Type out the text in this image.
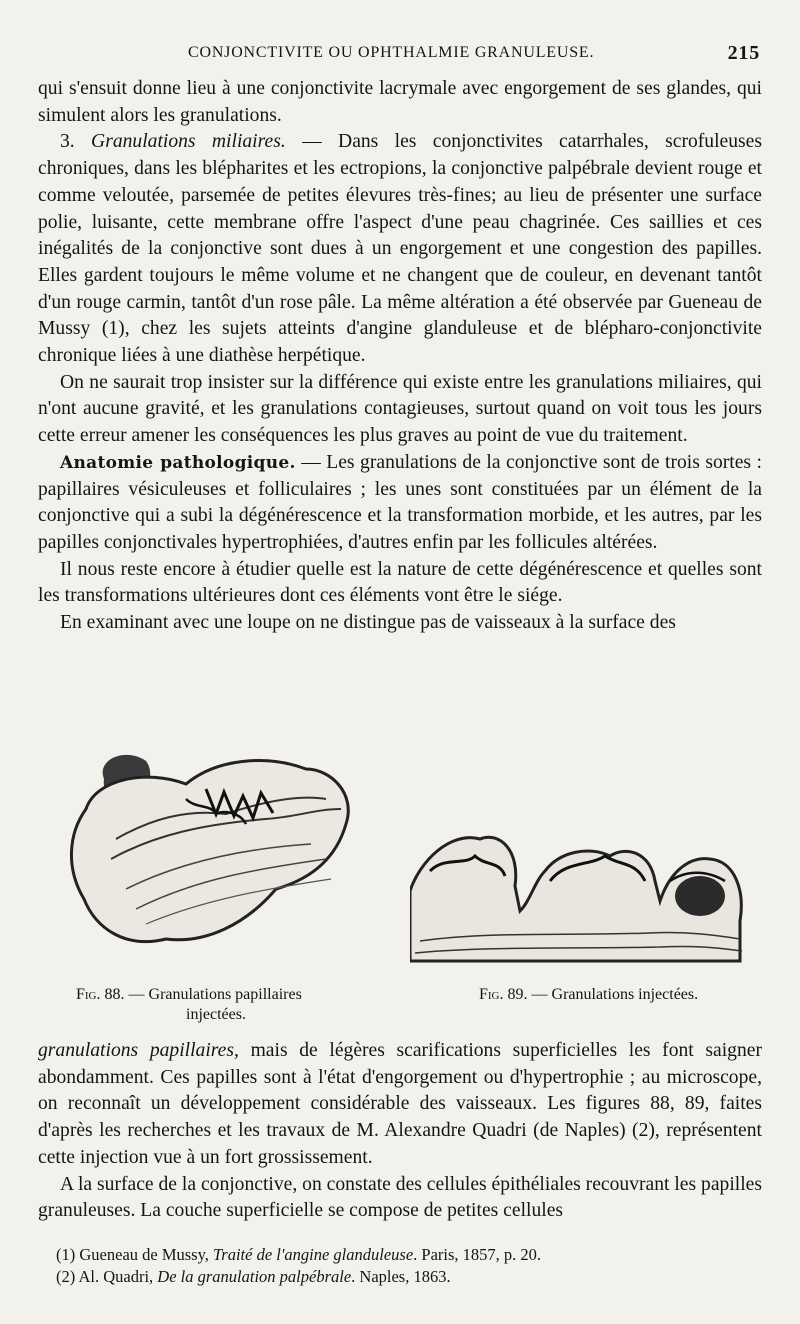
CONJONCTIVITE OU OPHTHALMIE GRANULEUSE.	215

qui s'ensuit donne lieu à une conjonctivite lacrymale avec engorgement de ses glandes, qui simulent alors les granulations.

3. Granulations miliaires. — Dans les conjonctivites catarrhales, scrofuleuses chroniques, dans les blépharites et les ectropions, la conjonctive palpébrale devient rouge et comme veloutée, parsemée de petites élevures très-fines; au lieu de présenter une surface polie, luisante, cette membrane offre l'aspect d'une peau chagrinée. Ces saillies et ces inégalités de la conjonctive sont dues à un engorgement et une congestion des papilles. Elles gardent toujours le même volume et ne changent que de couleur, en devenant tantôt d'un rouge carmin, tantôt d'un rose pâle. La même altération a été observée par Gueneau de Mussy (1), chez les sujets atteints d'angine glanduleuse et de blépharo-conjonctivite chronique liées à une diathèse herpétique.

On ne saurait trop insister sur la différence qui existe entre les granulations miliaires, qui n'ont aucune gravité, et les granulations contagieuses, surtout quand on voit tous les jours cette erreur amener les conséquences les plus graves au point de vue du traitement.

Anatomie pathologique. — Les granulations de la conjonctive sont de trois sortes : papillaires vésiculeuses et folliculaires ; les unes sont constituées par un élément de la conjonctive qui a subi la dégénérescence et la transformation morbide, et les autres, par les papilles conjonctivales hypertrophiées, d'autres enfin par les follicules altérées.

Il nous reste encore à étudier quelle est la nature de cette dégénérescence et quelles sont les transformations ultérieures dont ces éléments vont être le siége.

En examinant avec une loupe on ne distingue pas de vaisseaux à la surface des

Fig. 88. — Granulations papillaires
injectées.
Fig. 89. — Granulations injectées.

granulations papillaires, mais de légères scarifications superficielles les font saigner abondamment. Ces papilles sont à l'état d'engorgement ou d'hypertrophie ; au microscope, on reconnaît un développement considérable des vaisseaux. Les figures 88, 89, faites d'après les recherches et les travaux de M. Alexandre Quadri (de Naples) (2), représentent cette injection vue à un fort grossissement.

A la surface de la conjonctive, on constate des cellules épithéliales recouvrant les papilles granuleuses. La couche superficielle se compose de petites cellules

(1) Gueneau de Mussy, Traité de l'angine glanduleuse. Paris, 1857, p. 20.

(2) Al. Quadri, De la granulation palpébrale. Naples, 1863.
